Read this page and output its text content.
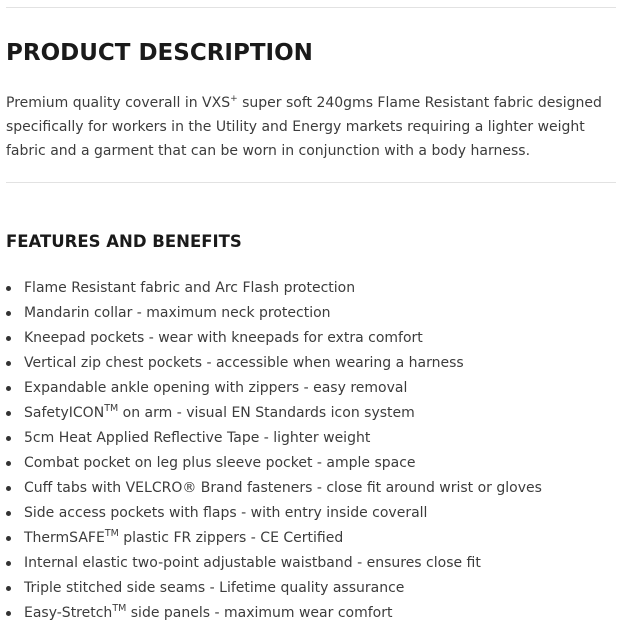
PRODUCT DESCRIPTION

Premium quality coverall in VXS+ super soft 240gms Flame Resistant fabric designed specifically for workers in the Utility and Energy markets requiring a lighter weight fabric and a garment that can be worn in conjunction with a body harness.

FEATURES AND BENEFITS
Flame Resistant fabric and Arc Flash protection
Mandarin collar - maximum neck protection
Kneepad pockets - wear with kneepads for extra comfort
Vertical zip chest pockets - accessible when wearing a harness
Expandable ankle opening with zippers - easy removal
SafetyICON™ on arm - visual EN Standards icon system
5cm Heat Applied Reflective Tape - lighter weight
Combat pocket on leg plus sleeve pocket - ample space
Cuff tabs with VELCRO® Brand fasteners - close fit around wrist or gloves
Side access pockets with flaps - with entry inside coverall
ThermSAFE™ plastic FR zippers - CE Certified
Internal elastic two-point adjustable waistband - ensures close fit
Triple stitched side seams - Lifetime quality assurance
Easy-Stretch™ side panels - maximum wear comfort
